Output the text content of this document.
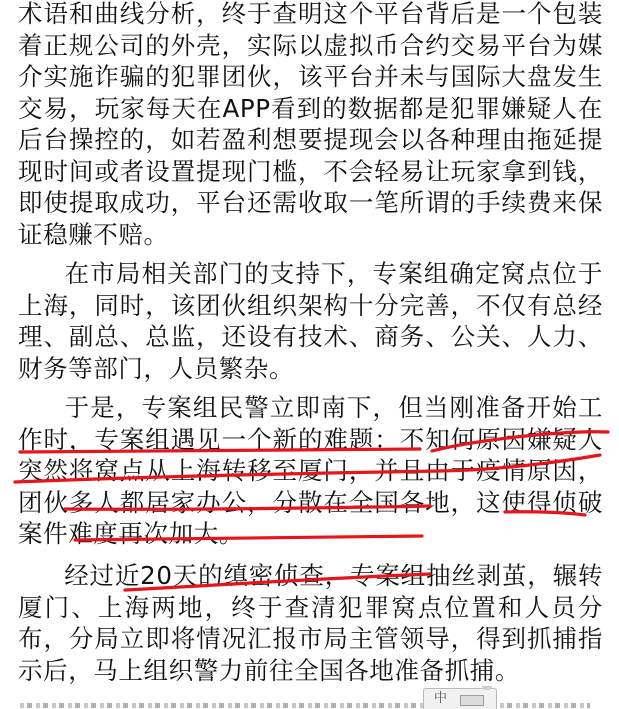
术语和曲线分析，终于查明这个平台背后是一个包装着正规公司的外壳，实际以虚拟币合约交易平台为媒介实施诈骗的犯罪团伙，该平台并未与国际大盘发生交易，玩家每天在APP看到的数据都是犯罪嫌疑人在后台操控的，如若盈利想要提现会以各种理由拖延提现时间或者设置提现门槛，不会轻易让玩家拿到钱，即使提取成功，平台还需收取一笔所谓的手续费来保证稳赚不赔。

在市局相关部门的支持下，专案组确定窝点位于上海，同时，该团伙组织架构十分完善，不仅有总经理、副总、总监，还设有技术、商务、公关、人力、财务等部门，人员繁杂。

于是，专案组民警立即南下，但当刚准备开始工作时，专案组遇见一个新的难题：不知何原因嫌疑人突然将窝点从上海转移至厦门，并且由于疫情原因，团伙多人都居家办公，分散在全国各地，这使得侦破案件难度再次加大。

经过近20天的缜密侦查，专案组抽丝剥茧，辗转厦门、上海两地，终于查清犯罪窝点位置和人员分布，分局立即将情况汇报市局主管领导，得到抓捕指示后，马上组织警力前往全国各地准备抓捕。

中
